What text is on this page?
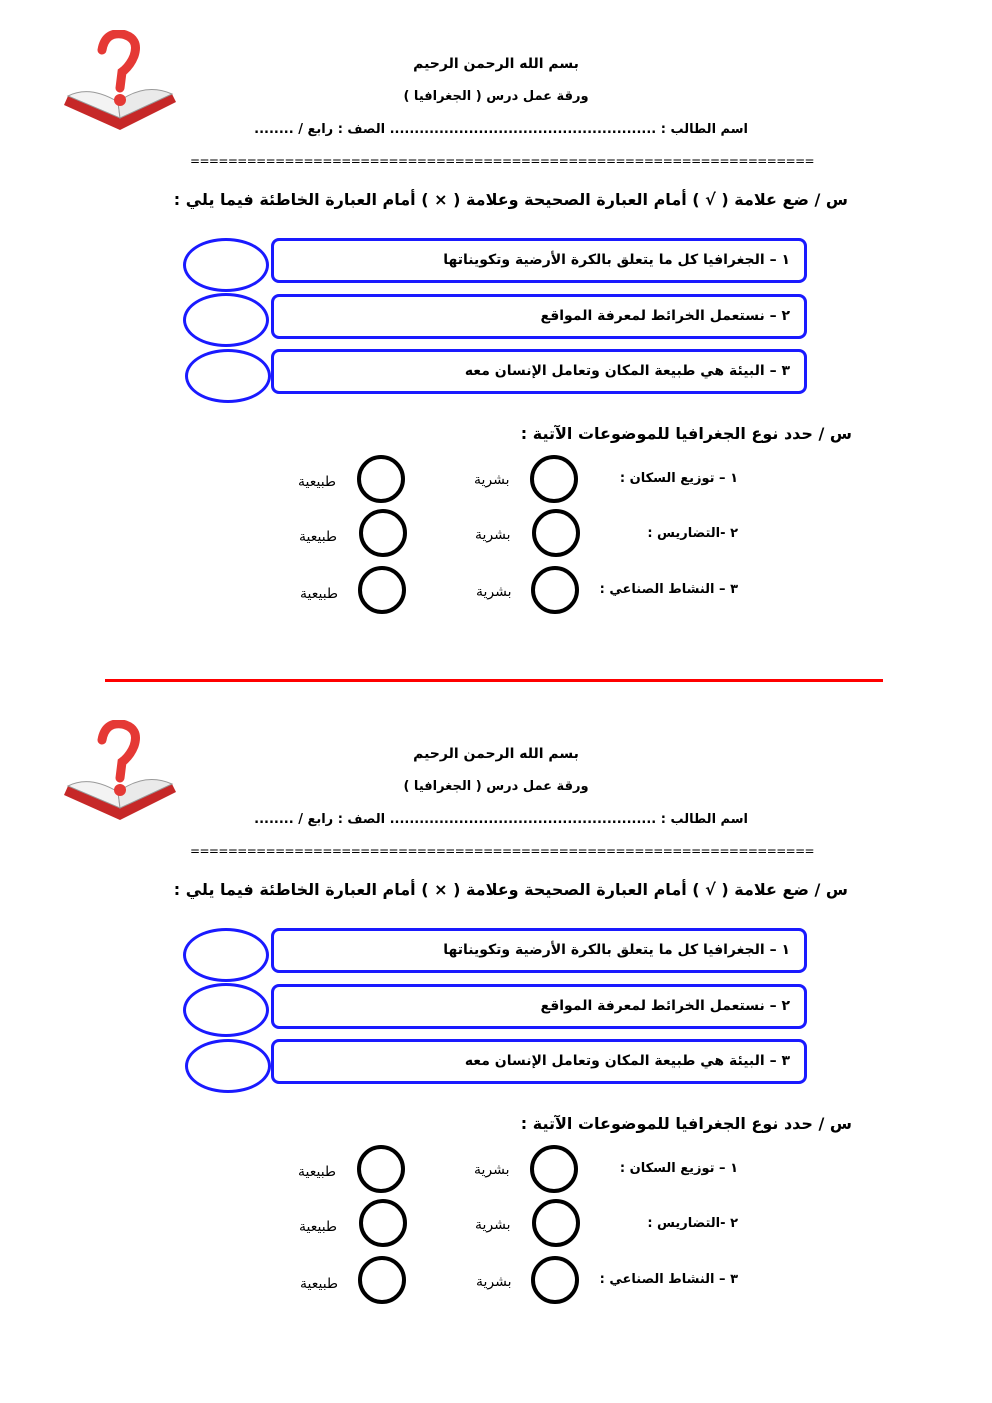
بسم الله الرحمن الرحيم
ورقة عمل درس ( الجغرافيا )
اسم الطالب : ...................................................... الصف : رابع / ........
==================================================================
س / ضع علامة ( √ ) أمام العبارة الصحيحة وعلامة ( × ) أمام العبارة الخاطئة فيما يلي :
١ – الجغرافيا كل ما يتعلق بالكرة الأرضية وتكويناتها
٢ – نستعمل الخرائط لمعرفة المواقع
٣ – البيئة هي طبيعة المكان وتعامل الإنسان معه
س / حدد نوع الجغرافيا للموضوعات الآتية :
١ – توزيع السكان :
بشرية
طبيعية
٢ -التضاريس :
بشرية
طبيعية
٣ – النشاط الصناعي :
بشرية
طبيعية
بسم الله الرحمن الرحيم
ورقة عمل درس ( الجغرافيا )
اسم الطالب : ...................................................... الصف : رابع / ........
==================================================================
س / ضع علامة ( √ ) أمام العبارة الصحيحة وعلامة ( × ) أمام العبارة الخاطئة فيما يلي :
١ – الجغرافيا كل ما يتعلق بالكرة الأرضية وتكويناتها
٢ – نستعمل الخرائط لمعرفة المواقع
٣ – البيئة هي طبيعة المكان وتعامل الإنسان معه
س / حدد نوع الجغرافيا للموضوعات الآتية :
١ – توزيع السكان :
بشرية
طبيعية
٢ -التضاريس :
بشرية
طبيعية
٣ – النشاط الصناعي :
بشرية
طبيعية
